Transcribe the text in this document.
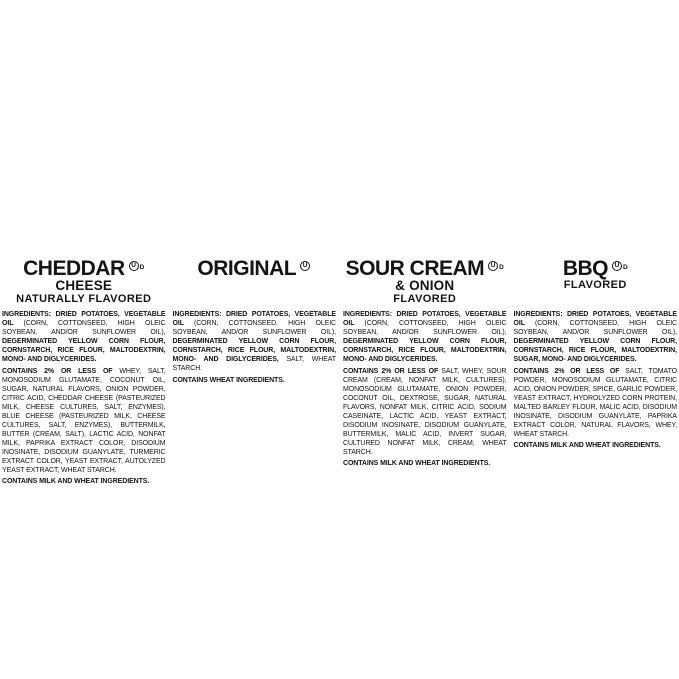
CHEDDAR	U D
CHEESE
NATURALLY FLAVORED

INGREDIENTS: DRIED POTATOES, VEGETABLE OIL (CORN, COTTONSEED, HIGH OLEIC SOYBEAN, AND/OR SUNFLOWER OIL), DEGERMINATED YELLOW CORN FLOUR, CORNSTARCH, RICE FLOUR, MALTODEXTRIN, MONO- AND DIGLYCERIDES.

CONTAINS 2% OR LESS OF WHEY, SALT, MONOSODIUM GLUTAMATE, COCONUT OIL, SUGAR, NATURAL FLAVORS, ONION POWDER, CITRIC ACID, CHEDDAR CHEESE (PASTEURIZED MILK, CHEESE CULTURES, SALT, ENZYMES), BLUE CHEESE (PASTEURIZED MILK, CHEESE CULTURES, SALT, ENZYMES), BUTTERMILK, BUTTER (CREAM, SALT), LACTIC ACID, NONFAT MILK, PAPRIKA EXTRACT COLOR, DISODIUM INOSINATE, DISODIUM GUANYLATE, TURMERIC EXTRACT COLOR, YEAST EXTRACT, AUTOLYZED YEAST EXTRACT, WHEAT STARCH.

CONTAINS MILK AND WHEAT INGREDIENTS.

ORIGINAL	U

INGREDIENTS: DRIED POTATOES, VEGETABLE OIL (CORN, COTTONSEED, HIGH OLEIC SOYBEAN, AND/OR SUNFLOWER OIL), DEGERMINATED YELLOW CORN FLOUR, CORNSTARCH, RICE FLOUR, MALTODEXTRIN, MONO- AND DIGLYCERIDES, SALT, WHEAT STARCH.

CONTAINS WHEAT INGREDIENTS.

SOUR CREAM	U D
& ONION
FLAVORED

INGREDIENTS: DRIED POTATOES, VEGETABLE OIL (CORN, COTTONSEED, HIGH OLEIC SOYBEAN, AND/OR SUNFLOWER OIL), DEGERMINATED YELLOW CORN FLOUR, CORNSTARCH, RICE FLOUR, MALTODEXTRIN, MONO- AND DIGLYCERIDES.

CONTAINS 2% OR LESS OF SALT, WHEY, SOUR CREAM (CREAM, NONFAT MILK, CULTURES), MONOSODIUM GLUTAMATE, ONION POWDER, COCONUT OIL, DEXTROSE, SUGAR, NATURAL FLAVORS, NONFAT MILK, CITRIC ACID, SODIUM CASEINATE, LACTIC ACID, YEAST EXTRACT, DISODIUM INOSINATE, DISODIUM GUANYLATE, BUTTERMILK, MALIC ACID, INVERT SUGAR, CULTURED NONFAT MILK, CREAM, WHEAT STARCH.

CONTAINS MILK AND WHEAT INGREDIENTS.

BBQ	U D
FLAVORED

INGREDIENTS: DRIED POTATOES, VEGETABLE OIL (CORN, COTTONSEED, HIGH OLEIC SOYBEAN, AND/OR SUNFLOWER OIL), DEGERMINATED YELLOW CORN FLOUR, CORNSTARCH, RICE FLOUR, MALTODEXTRIN, SUGAR, MONO- AND DIGLYCERIDES.

CONTAINS 2% OR LESS OF SALT, TOMATO POWDER, MONOSODIUM GLUTAMATE, CITRIC ACID, ONION POWDER, SPICE, GARLIC POWDER, YEAST EXTRACT, HYDROLYZED CORN PROTEIN, MALTED BARLEY FLOUR, MALIC ACID, DISODIUM INOSINATE, DISODIUM GUANYLATE, PAPRIKA EXTRACT COLOR, NATURAL FLAVORS, WHEY, WHEAT STARCH.

CONTAINS MILK AND WHEAT INGREDIENTS.
